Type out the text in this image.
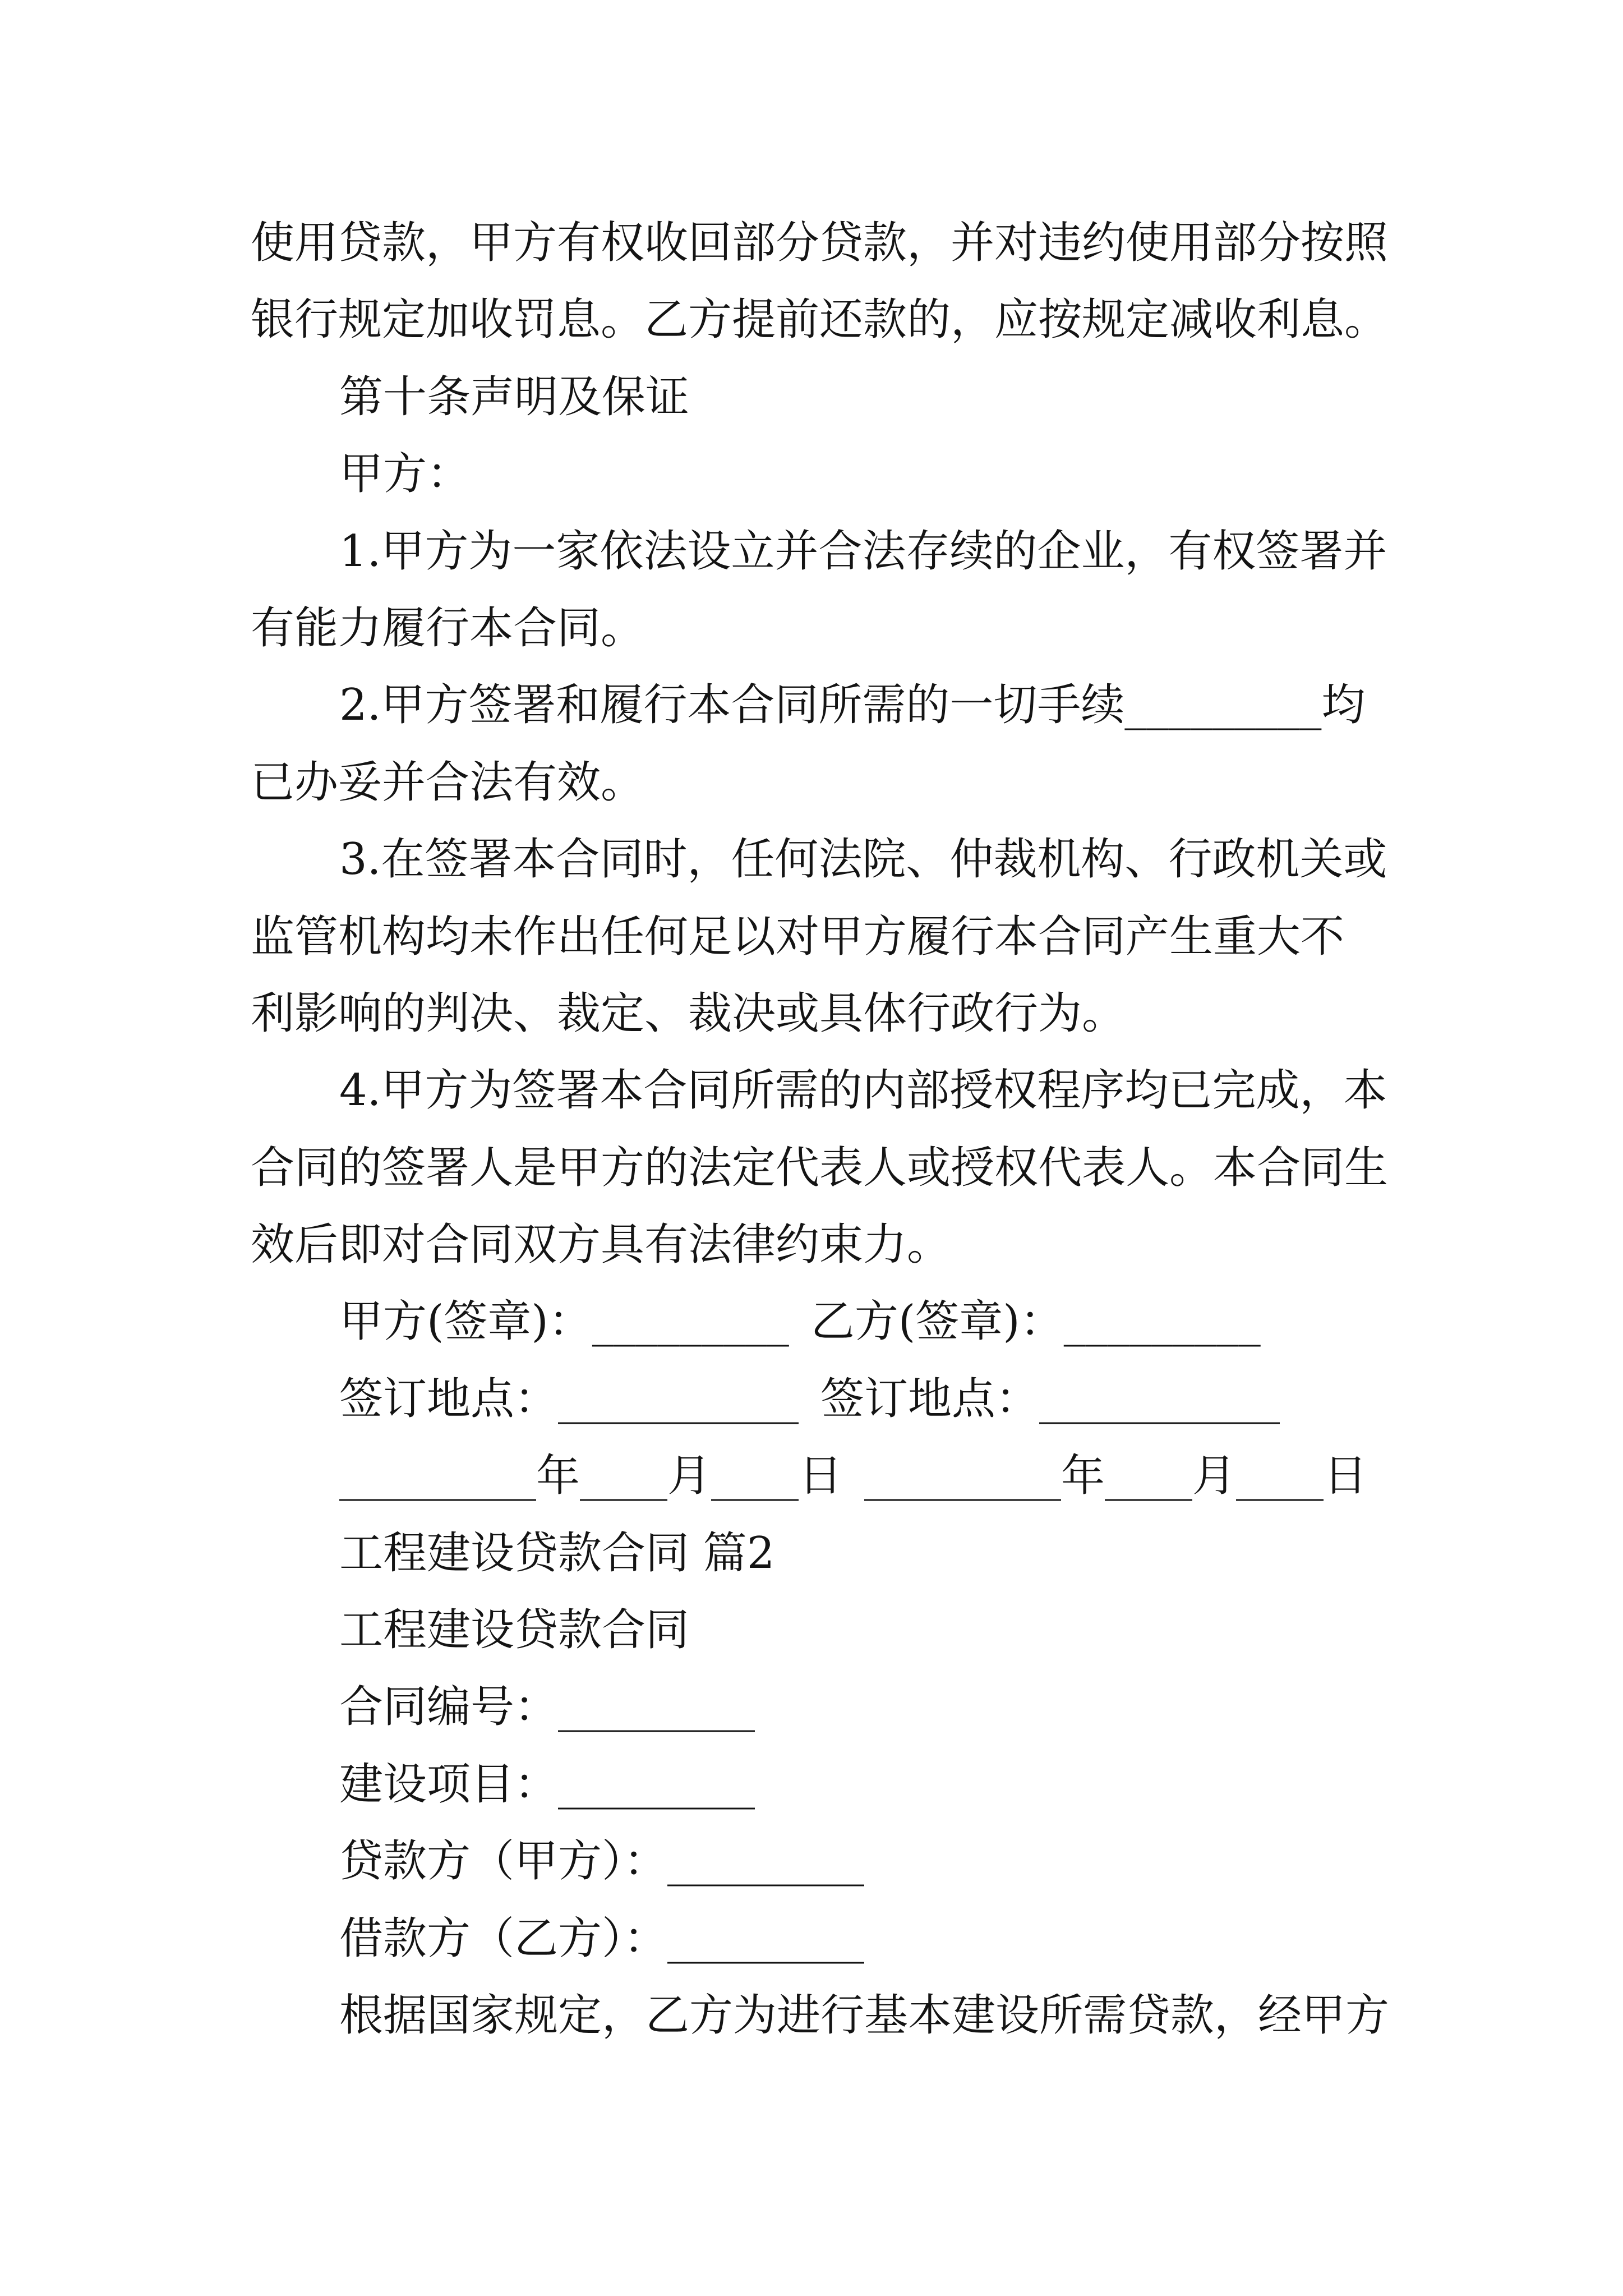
使用贷款，甲方有权收回部分贷款，并对违约使用部分按照
银行规定加收罚息。乙方提前还款的，应按规定减收利息。
第十条声明及保证
甲方：
1.甲方为一家依法设立并合法存续的企业，有权签署并
有能力履行本合同。
2.甲方签署和履行本合同所需的一切手续_________均
已办妥并合法有效。
3.在签署本合同时，任何法院、仲裁机构、行政机关或
监管机构均未作出任何足以对甲方履行本合同产生重大不
利影响的判决、裁定、裁决或具体行政行为。
4.甲方为签署本合同所需的内部授权程序均已完成，本
合同的签署人是甲方的法定代表人或授权代表人。本合同生
效后即对合同双方具有法律约束力。
甲方(签章)：_________ 乙方(签章)：_________
签订地点：___________ 签订地点：___________
_________年____月____日 _________年____月____日
工程建设贷款合同 篇2
工程建设贷款合同
合同编号：_________
建设项目：_________
贷款方（甲方）：_________
借款方（乙方）：_________
根据国家规定，乙方为进行基本建设所需贷款，经甲方
